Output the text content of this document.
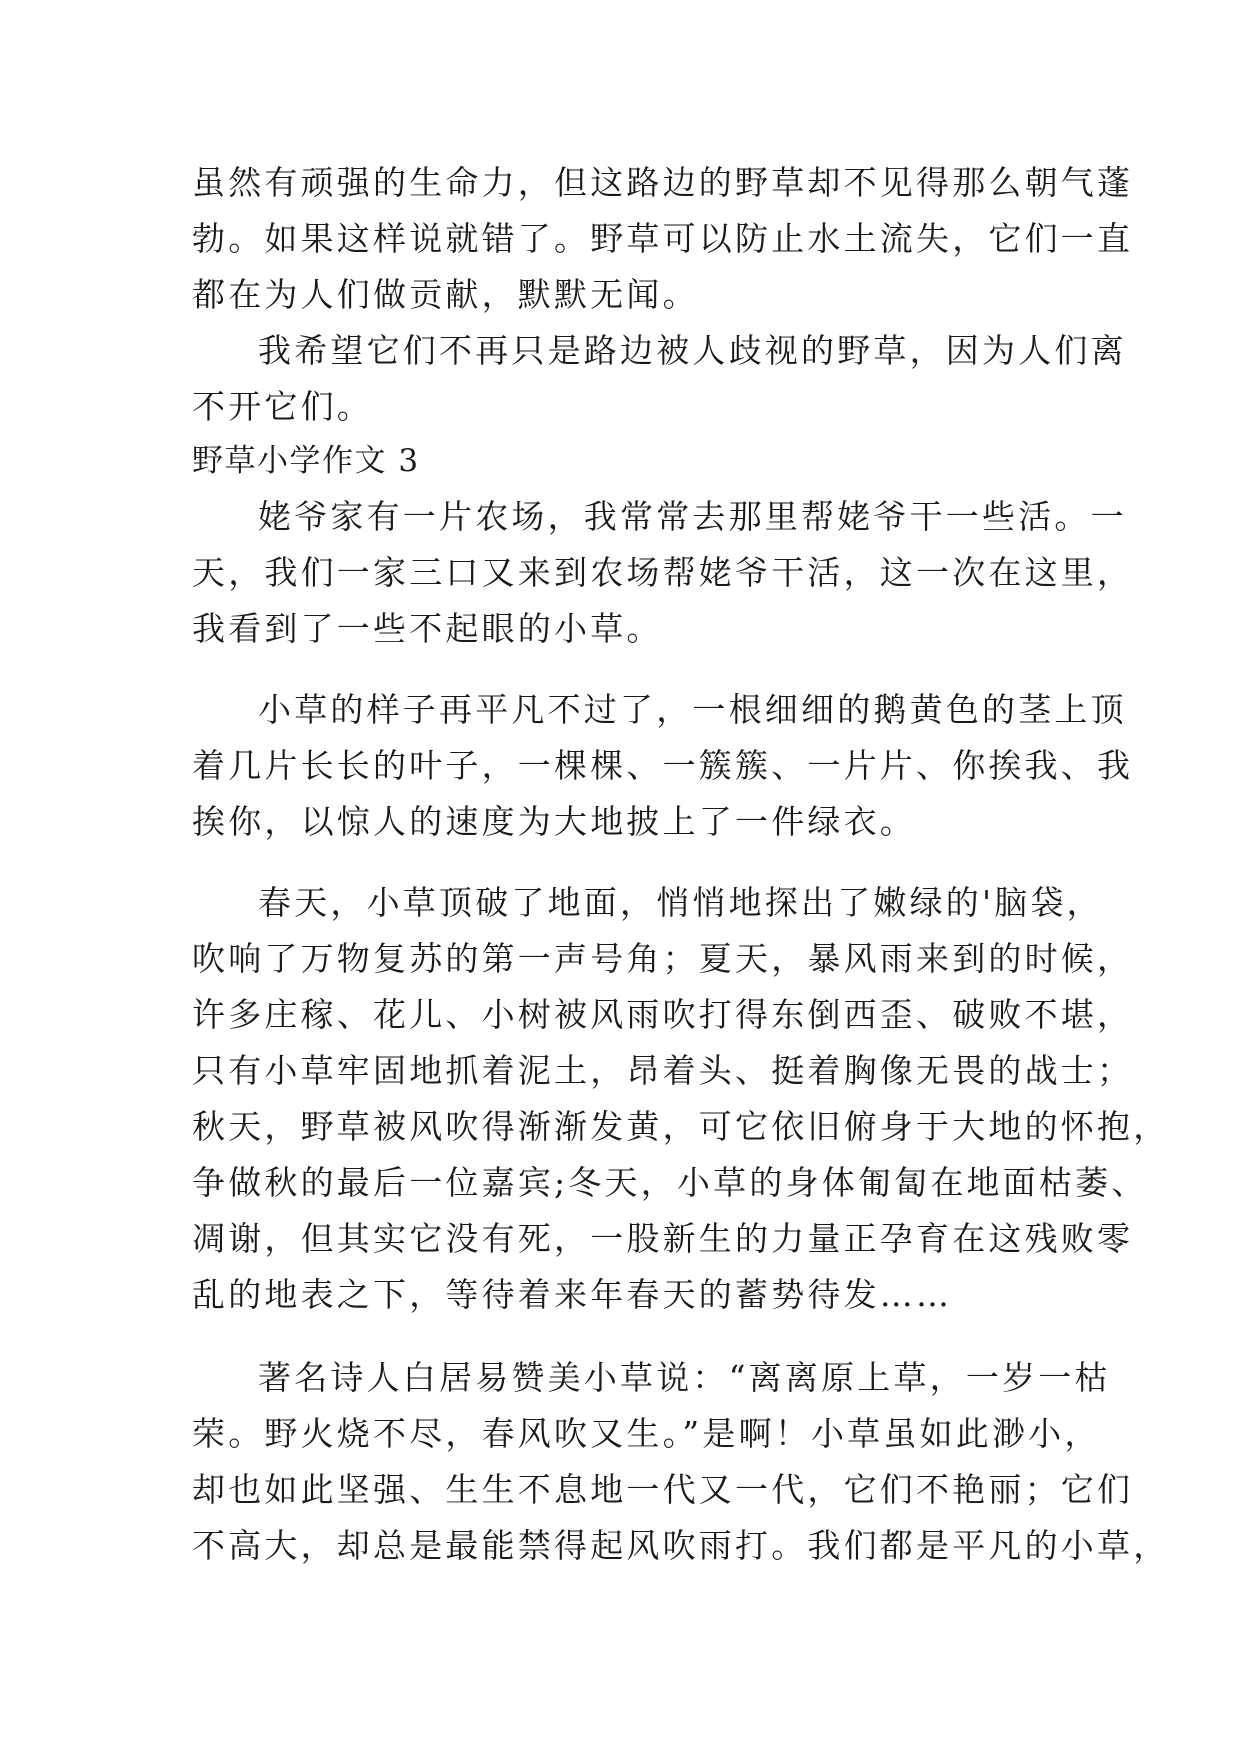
虽然有顽强的生命力，但这路边的野草却不见得那么朝气蓬
勃。如果这样说就错了。野草可以防止水土流失，它们一直
都在为人们做贡献，默默无闻。
我希望它们不再只是路边被人歧视的野草，因为人们离
不开它们。
野草小学作文 3
姥爷家有一片农场，我常常去那里帮姥爷干一些活。一
天，我们一家三口又来到农场帮姥爷干活，这一次在这里，
我看到了一些不起眼的小草。
小草的样子再平凡不过了，一根细细的鹅黄色的茎上顶
着几片长长的叶子，一棵棵、一簇簇、一片片、你挨我、我
挨你，以惊人的速度为大地披上了一件绿衣。
春天，小草顶破了地面，悄悄地探出了嫩绿的'脑袋，
吹响了万物复苏的第一声号角；夏天，暴风雨来到的时候，
许多庄稼、花儿、小树被风雨吹打得东倒西歪、破败不堪，
只有小草牢固地抓着泥土，昂着头、挺着胸像无畏的战士；
秋天，野草被风吹得渐渐发黄，可它依旧俯身于大地的怀抱，
争做秋的最后一位嘉宾;冬天，小草的身体匍匐在地面枯萎、
凋谢，但其实它没有死，一股新生的力量正孕育在这残败零
乱的地表之下，等待着来年春天的蓄势待发……
著名诗人白居易赞美小草说：“离离原上草，一岁一枯
荣。野火烧不尽，春风吹又生。”是啊！小草虽如此渺小，
却也如此坚强、生生不息地一代又一代，它们不艳丽；它们
不高大，却总是最能禁得起风吹雨打。我们都是平凡的小草，
